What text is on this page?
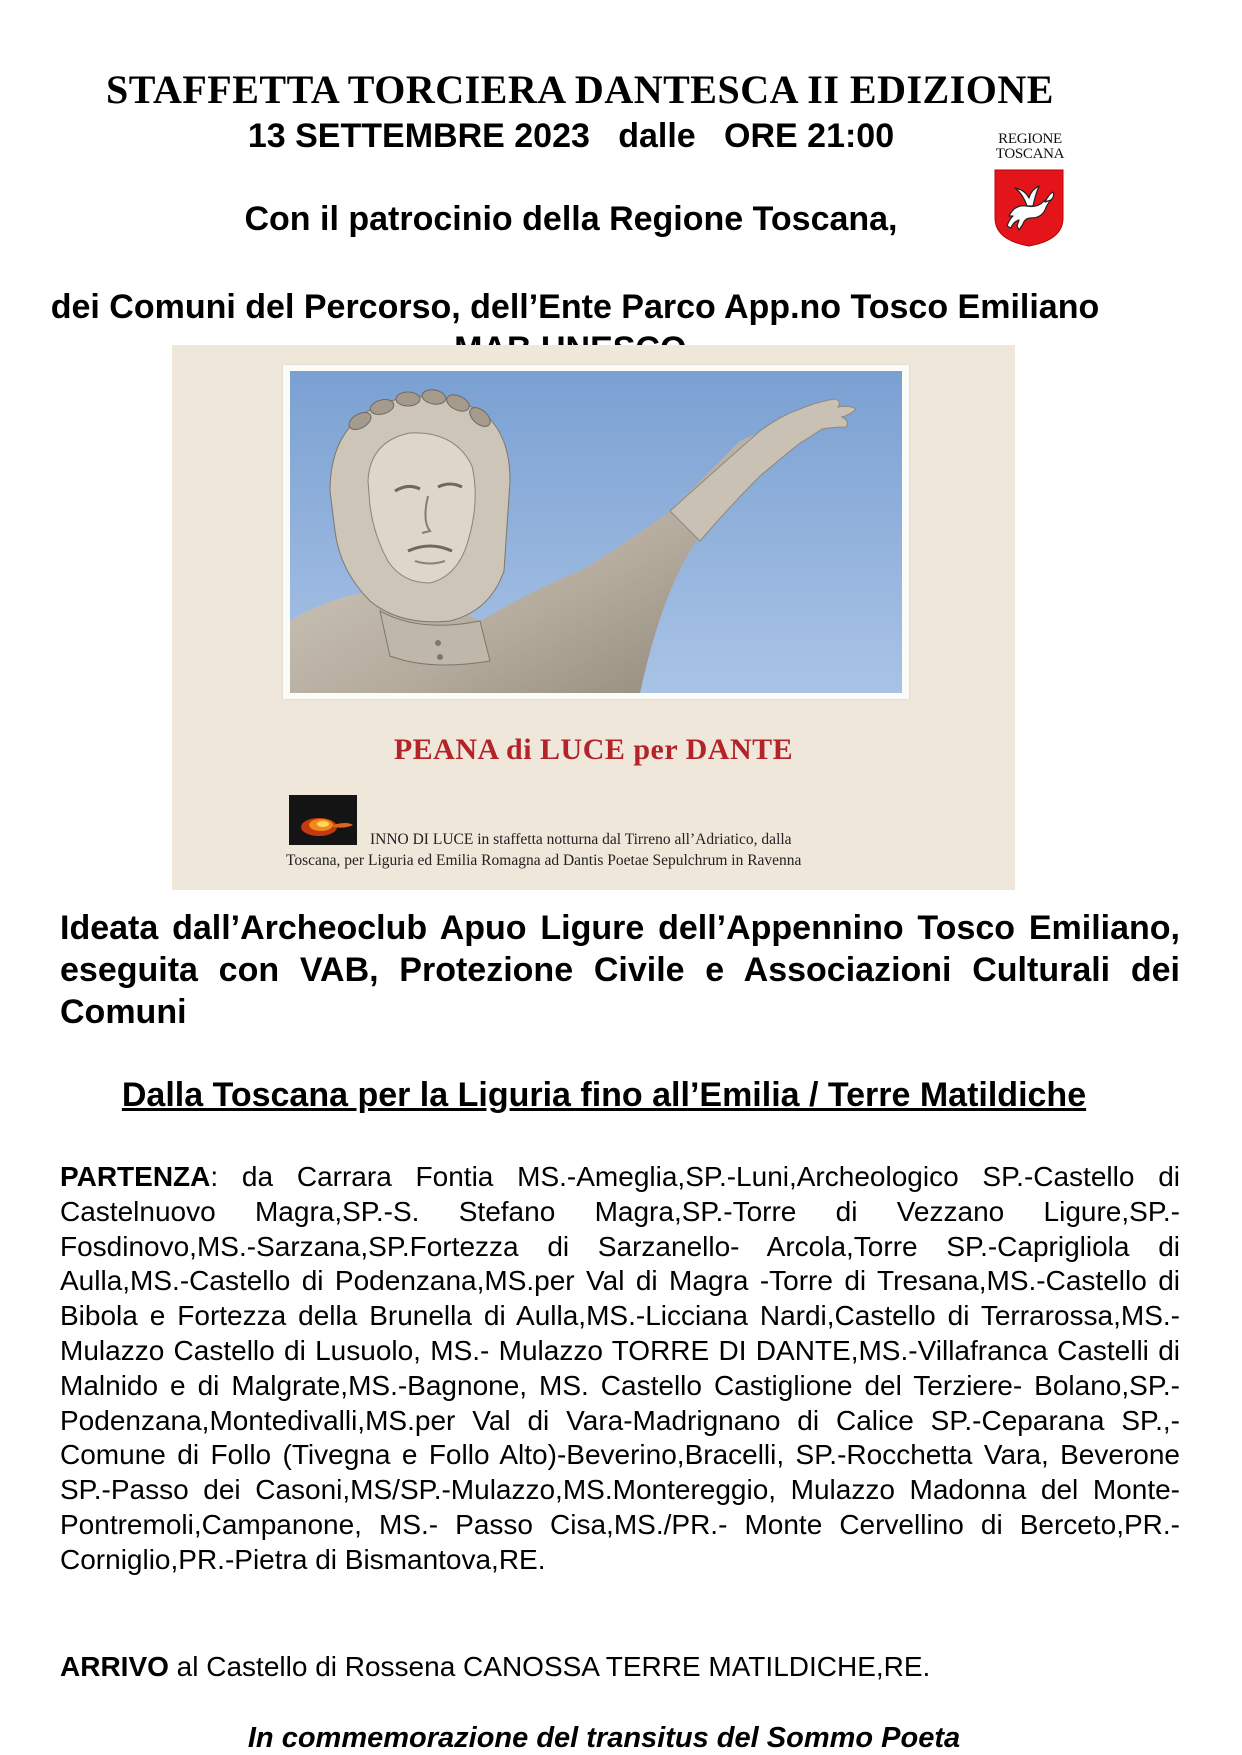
STAFFETTA TORCIERA DANTESCA II EDIZIONE
13 SETTEMBRE 2023   dalle   ORE 21:00
Con il patrocinio della Regione Toscana,
dei Comuni del Percorso, dell’Ente Parco App.no Tosco Emiliano
REGIONE
TOSCANA
PEANA di LUCE per DANTE
INNO DI LUCE in staffetta notturna dal Tirreno all’Adriatico, dalla
Toscana, per Liguria ed Emilia Romagna ad Dantis Poetae Sepulchrum in Ravenna
Ideata dall’Archeoclub Apuo Ligure dell’Appennino Tosco Emiliano, eseguita con VAB, Protezione Civile e Associazioni Culturali dei Comuni
Dalla Toscana per la Liguria fino all’Emilia / Terre Matildiche
PARTENZA: da Carrara Fontia MS.-Ameglia,SP.-Luni,Archeologico SP.-Castello di Castelnuovo Magra,SP.-S. Stefano Magra,SP.-Torre di Vezzano Ligure,SP.-Fosdinovo,MS.-Sarzana,SP.Fortezza di Sarzanello- Arcola,Torre SP.-Caprigliola di Aulla,MS.-Castello di Podenzana,MS.per Val di Magra -Torre di Tresana,MS.-Castello di Bibola e Fortezza della Brunella di Aulla,MS.-Licciana Nardi,Castello di Terrarossa,MS.-Mulazzo Castello di Lusuolo, MS.- Mulazzo TORRE DI DANTE,MS.-Villafranca Castelli di Malnido e di Malgrate,MS.-Bagnone, MS. Castello Castiglione del Terziere- Bolano,SP.-Podenzana,Montedivalli,MS.per Val di Vara-Madrignano di Calice SP.-Ceparana SP.,-Comune di Follo (Tivegna e Follo Alto)-Beverino,Bracelli, SP.-Rocchetta Vara, Beverone SP.-Passo dei Casoni,MS/SP.-Mulazzo,MS.Montereggio, Mulazzo Madonna del Monte- Pontremoli,Campanone, MS.- Passo Cisa,MS./PR.- Monte Cervellino di Berceto,PR.-Corniglio,PR.-Pietra di Bismantova,RE.
ARRIVO al Castello di Rossena CANOSSA TERRE MATILDICHE,RE.
In commemorazione del transitus del Sommo Poeta
